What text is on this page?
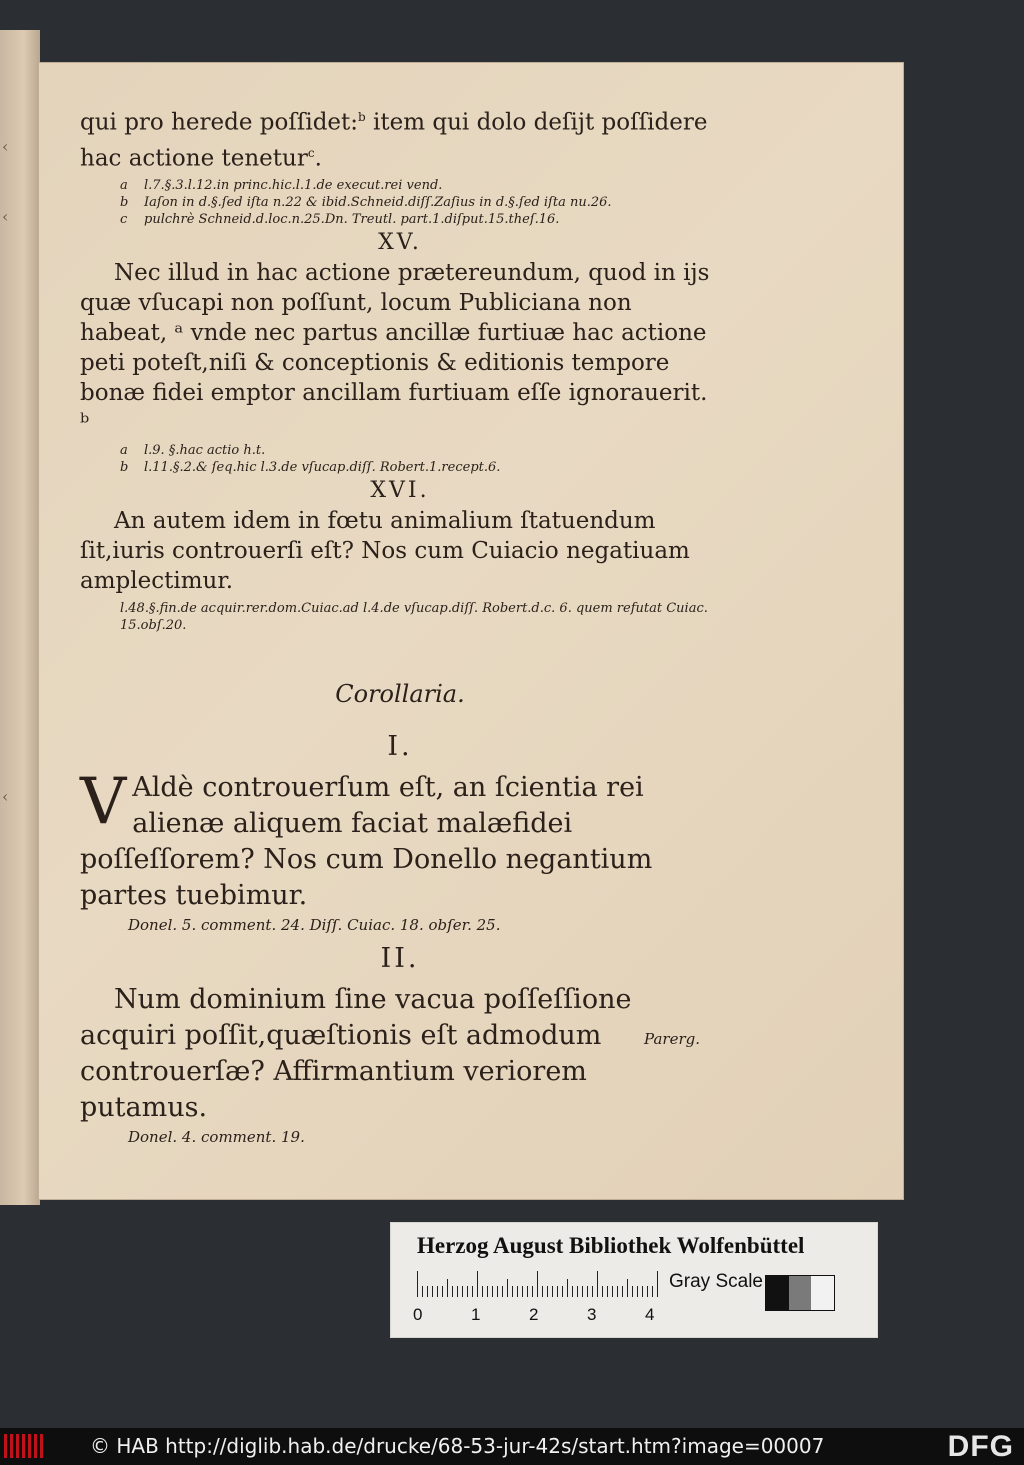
‹
‹
‹

qui pro herede poſſidet:$^b$ item qui dolo deſijt poſſidere
hac actione tenetur$^c$.

a	l.7.§.3.l.12.in princ.hic.l.1.de execut.rei vend.
b	Iaſon in d.§.ſed iſta n.22 & ibid.Schneid.diſſ.Zaſius in d.§.ſed iſta nu.26.
c	pulchrè Schneid.d.loc.n.25.Dn. Treutl. part.1.diſput.15.theſ.16.
XV.

Nec illud in hac actione prætereundum, quod in ijs quæ vſucapi non poſſunt, locum Publiciana non habeat, ᵃ vnde nec partus ancillæ furtiuæ hac actione peti poteſt,niſi & conceptionis & editionis tempore bonæ fidei emptor ancillam furtiuam eſſe ignorauerit. ᵇ

a	l.9. §.hac actio h.t.
b	l.11.§.2.& ſeq.hic l.3.de vſucap.diſſ. Robert.1.recept.6.
XVI.

An autem idem in fœtu animalium ſtatuendum ſit,iuris controuerſi eſt? Nos cum Cuiacio negatiuam amplectimur.

l.48.§.fin.de acquir.rer.dom.Cuiac.ad l.4.de vſucap.diſſ. Robert.d.c. 6. quem refutat Cuiac. 15.obſ.20.

Corollaria.
I.

V Aldè controuerſum eſt, an ſcientia rei alienæ aliquem faciat malæfidei poſſeſſorem? Nos cum Donello negantium partes tuebimur.

Donel. 5. comment. 24. Diſſ. Cuiac. 18. obſer. 25.

II.

Num dominium ſine vacua poſſeſſione acquiri poſſit,quæſtionis eſt admodum controuerſæ? Affirmantium veriorem putamus.

Donel. 4. comment. 19.

Parerg.
Herzog August Bibliothek Wolfenbüttel
0	1	2	3	4
Gray Scale
© HAB http://diglib.hab.de/drucke/68-53-jur-42s/start.htm?image=00007	DFG
